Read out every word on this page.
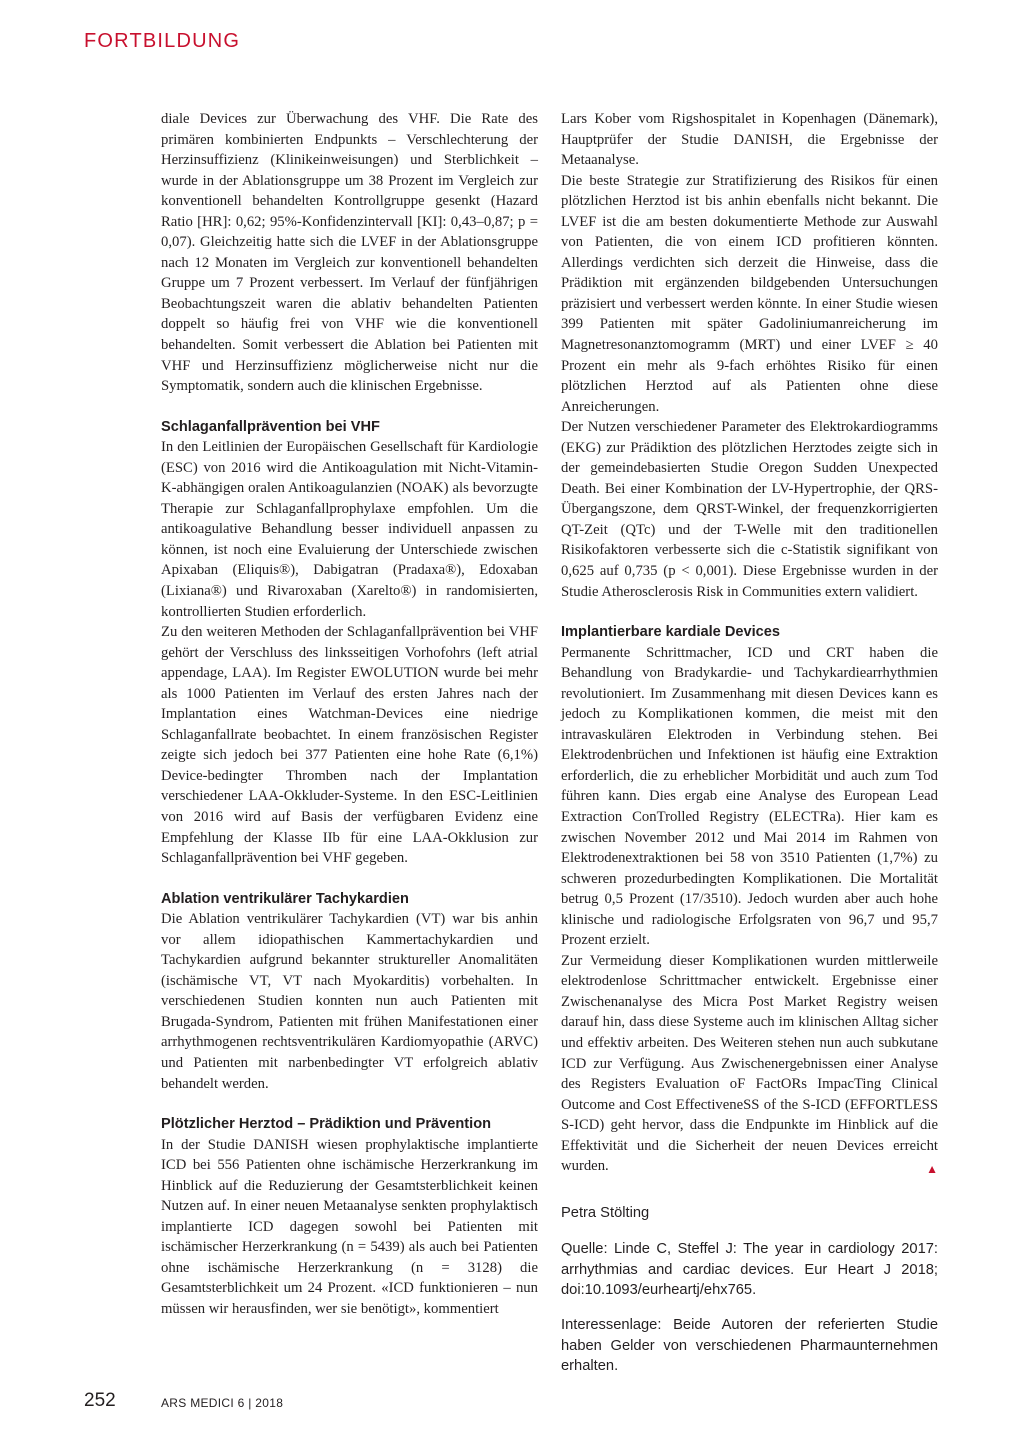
FORTBILDUNG

diale Devices zur Überwachung des VHF. Die Rate des primären kombinierten Endpunkts – Verschlechterung der Herzinsuffizienz (Klinikeinweisungen) und Sterblichkeit – wurde in der Ablationsgruppe um 38 Prozent im Vergleich zur konventionell behandelten Kontrollgruppe gesenkt (Hazard Ratio [HR]: 0,62; 95%-Konfidenzintervall [KI]: 0,43–0,87; p = 0,07). Gleichzeitig hatte sich die LVEF in der Ablationsgruppe nach 12 Monaten im Vergleich zur konventionell behandelten Gruppe um 7 Prozent verbessert. Im Verlauf der fünfjährigen Beobachtungszeit waren die ablativ behandelten Patienten doppelt so häufig frei von VHF wie die konventionell behandelten. Somit verbessert die Ablation bei Patienten mit VHF und Herzinsuffizienz möglicherweise nicht nur die Symptomatik, sondern auch die klinischen Ergebnisse.

Schlaganfallprävention bei VHF

In den Leitlinien der Europäischen Gesellschaft für Kardiologie (ESC) von 2016 wird die Antikoagulation mit Nicht-Vitamin-K-abhängigen oralen Antikoagulanzien (NOAK) als bevorzugte Therapie zur Schlaganfallprophylaxe empfohlen. Um die antikoagulative Behandlung besser individuell anpassen zu können, ist noch eine Evaluierung der Unterschiede zwischen Apixaban (Eliquis®), Dabigatran (Pradaxa®), Edoxaban (Lixiana®) und Rivaroxaban (Xarelto®) in randomisierten, kontrollierten Studien erforderlich.

Zu den weiteren Methoden der Schlaganfallprävention bei VHF gehört der Verschluss des linksseitigen Vorhofohrs (left atrial appendage, LAA). Im Register EWOLUTION wurde bei mehr als 1000 Patienten im Verlauf des ersten Jahres nach der Implantation eines Watchman-Devices eine niedrige Schlaganfallrate beobachtet. In einem französischen Register zeigte sich jedoch bei 377 Patienten eine hohe Rate (6,1%) Device-bedingter Thromben nach der Implantation verschiedener LAA-Okkluder-Systeme. In den ESC-Leitlinien von 2016 wird auf Basis der verfügbaren Evidenz eine Empfehlung der Klasse IIb für eine LAA-Okklusion zur Schlaganfallprävention bei VHF gegeben.

Ablation ventrikulärer Tachykardien

Die Ablation ventrikulärer Tachykardien (VT) war bis anhin vor allem idiopathischen Kammertachykardien und Tachykardien aufgrund bekannter struktureller Anomalitäten (ischämische VT, VT nach Myokarditis) vorbehalten. In verschiedenen Studien konnten nun auch Patienten mit Brugada-Syndrom, Patienten mit frühen Manifestationen einer arrhythmogenen rechtsventrikulären Kardiomyopathie (ARVC) und Patienten mit narbenbedingter VT erfolgreich ablativ behandelt werden.

Plötzlicher Herztod – Prädiktion und Prävention

In der Studie DANISH wiesen prophylaktische implantierte ICD bei 556 Patienten ohne ischämische Herzerkrankung im Hinblick auf die Reduzierung der Gesamtsterblichkeit keinen Nutzen auf. In einer neuen Metaanalyse senkten prophylaktisch implantierte ICD dagegen sowohl bei Patienten mit ischämischer Herzerkrankung (n = 5439) als auch bei Patienten ohne ischämische Herzerkrankung (n = 3128) die Gesamtsterblichkeit um 24 Prozent. «ICD funktionieren – nun müssen wir herausfinden, wer sie benötigt», kommentiert

Lars Kober vom Rigshospitalet in Kopenhagen (Dänemark), Hauptprüfer der Studie DANISH, die Ergebnisse der Metaanalyse.

Die beste Strategie zur Stratifizierung des Risikos für einen plötzlichen Herztod ist bis anhin ebenfalls nicht bekannt. Die LVEF ist die am besten dokumentierte Methode zur Auswahl von Patienten, die von einem ICD profitieren könnten. Allerdings verdichten sich derzeit die Hinweise, dass die Prädiktion mit ergänzenden bildgebenden Untersuchungen präzisiert und verbessert werden könnte. In einer Studie wiesen 399 Patienten mit später Gadoliniumanreicherung im Magnetresonanztomogramm (MRT) und einer LVEF ≥ 40 Prozent ein mehr als 9-fach erhöhtes Risiko für einen plötzlichen Herztod auf als Patienten ohne diese Anreicherungen.

Der Nutzen verschiedener Parameter des Elektrokardiogramms (EKG) zur Prädiktion des plötzlichen Herztodes zeigte sich in der gemeindebasierten Studie Oregon Sudden Unexpected Death. Bei einer Kombination der LV-Hypertrophie, der QRS-Übergangszone, dem QRST-Winkel, der frequenzkorrigierten QT-Zeit (QTc) und der T-Welle mit den traditionellen Risikofaktoren verbesserte sich die c-Statistik signifikant von 0,625 auf 0,735 (p < 0,001). Diese Ergebnisse wurden in der Studie Atherosclerosis Risk in Communities extern validiert.

Implantierbare kardiale Devices

Permanente Schrittmacher, ICD und CRT haben die Behandlung von Bradykardie- und Tachykardiearrhythmien revolutioniert. Im Zusammenhang mit diesen Devices kann es jedoch zu Komplikationen kommen, die meist mit den intravaskulären Elektroden in Verbindung stehen. Bei Elektrodenbrüchen und Infektionen ist häufig eine Extraktion erforderlich, die zu erheblicher Morbidität und auch zum Tod führen kann. Dies ergab eine Analyse des European Lead Extraction ConTrolled Registry (ELECTRa). Hier kam es zwischen November 2012 und Mai 2014 im Rahmen von Elektrodenextraktionen bei 58 von 3510 Patienten (1,7%) zu schweren prozedurbedingten Komplikationen. Die Mortalität betrug 0,5 Prozent (17/3510). Jedoch wurden aber auch hohe klinische und radiologische Erfolgsraten von 96,7 und 95,7 Prozent erzielt.

Zur Vermeidung dieser Komplikationen wurden mittlerweile elektrodenlose Schrittmacher entwickelt. Ergebnisse einer Zwischenanalyse des Micra Post Market Registry weisen darauf hin, dass diese Systeme auch im klinischen Alltag sicher und effektiv arbeiten. Des Weiteren stehen nun auch subkutane ICD zur Verfügung. Aus Zwischenergebnissen einer Analyse des Registers Evaluation oF FactORs ImpacTing Clinical Outcome and Cost EffectiveneSS of the S-ICD (EFFORTLESS S-ICD) geht hervor, dass die Endpunkte im Hinblick auf die Effektivität und die Sicherheit der neuen Devices erreicht wurden.	▲

Petra Stölting

Quelle: Linde C, Steffel J: The year in cardiology 2017: arrhythmias and cardiac devices. Eur Heart J 2018; doi:10.1093/eurheartj/ehx765.

Interessenlage: Beide Autoren der referierten Studie haben Gelder von verschiedenen Pharmaunternehmen erhalten.

252	ARS MEDICI 6 | 2018
